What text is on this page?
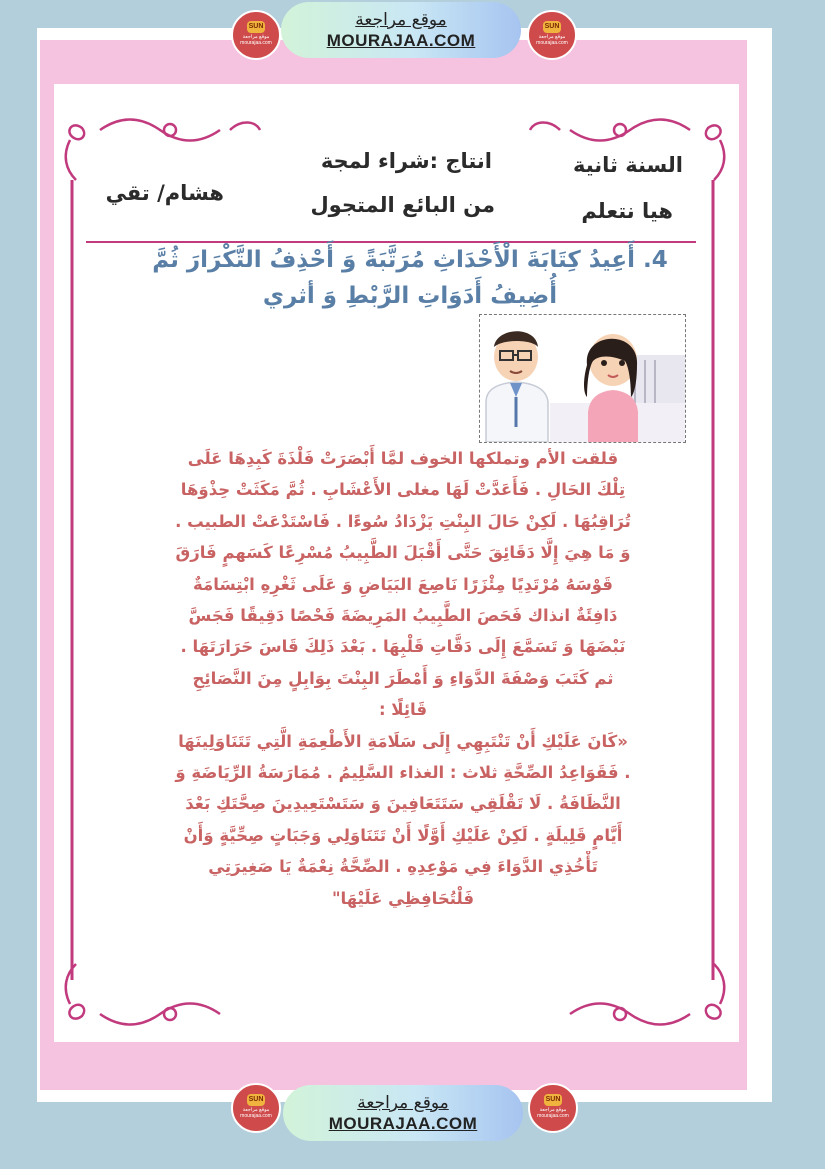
SUN
موقع مراجعة mourajaa.com
موقع مراجعة
MOURAJAA.COM
SUN
موقع مراجعة mourajaa.com
السنة ثانية
هيا نتعلم
انتاج :شراء لمجة
من البائع المتجول
هشام/ تقي
4. أَعِيدُ كِتَابَةَ الْأَحْدَاثِ مُرَتَّبَةً وَ أَحْذِفُ التَّكْرَارَ ثُمَّ
أُضِيفُ أَدَوَاتِ الرَّبْطِ وَ أثري
قلقت الأم وتملكها الخوف لمَّا أَبْصَرَتْ فَلْذَةَ كَبِدِهَا عَلَى
تِلْكَ الحَالِ . فَأَعَدَّتْ لَهَا مغلى الأَعْشَابِ . ثُمَّ مَكَثَتْ حِذْوَهَا
تُرَاقِبُهَا . لَكِنْ حَالَ البِنْتِ يَزْدَادُ سُوءًا . فَاسْتَدْعَتْ الطبيب .
وَ مَا هِيَ إِلَّا دَقَائِقَ حَتَّى أَقْبَلَ الطَّبِيبُ مُسْرِعًا كَسَهمٍ فَارَقَ
قَوْسَهُ مُرْتَدِيًا مِئْزَرًا نَاصِعَ البَيَاضِ وَ عَلَى ثَغْرِهِ ابْتِسَامَةٌ
دَافِئَةٌ انذاك فَحَصَ الطَّبِيبُ المَرِيضَةَ فَحْصًا دَقِيقًا فَجَسَّ
نَبْضَهَا وَ تَسَمَّعَ إِلَى دَقَّاتِ قَلْبِهَا . بَعْدَ ذَلِكَ قَاسَ حَرَارَتَهَا .
ثم كَتَبَ وَصْفَةَ الدَّوَاءِ وَ أَمْطَرَ البِنْتَ بِوَابِلٍ مِنَ النَّصَائِحِ
قَائِلًا :
«كَانَ عَلَيْكِ أَنْ تَنْتَبِهِي إِلَى سَلَامَةِ الأَطْعِمَةِ الَّتِي تَتَنَاوَلِينَهَا
. فَقَوَاعِدُ الصِّحَّةِ ثلاث : الغذاء السَّلِيمُ . مُمَارَسَةُ الرِّيَاضَةِ وَ
النَّظَافَةُ . لَا تَقْلَقِي سَتَتَعَافِينَ وَ سَتَسْتَعِيدِينَ صِحَّتَكِ بَعْدَ
أَيَّامٍ قَلِيلَةٍ . لَكِنْ عَلَيْكِ أَوَّلًا أَنْ تَتَنَاوَلِي وَجَبَاتٍ صِحِّيَّةٍ وَأَنْ
تَأْخُذِي الدَّوَاءَ فِي مَوْعِدِهِ . الصِّحَّةُ نِعْمَةٌ يَا صَغِيرَتِي
فَلْتُحَافِظِي عَلَيْهَا"
SUN
موقع مراجعة mourajaa.com
موقع مراجعة
MOURAJAA.COM
SUN
موقع مراجعة mourajaa.com
